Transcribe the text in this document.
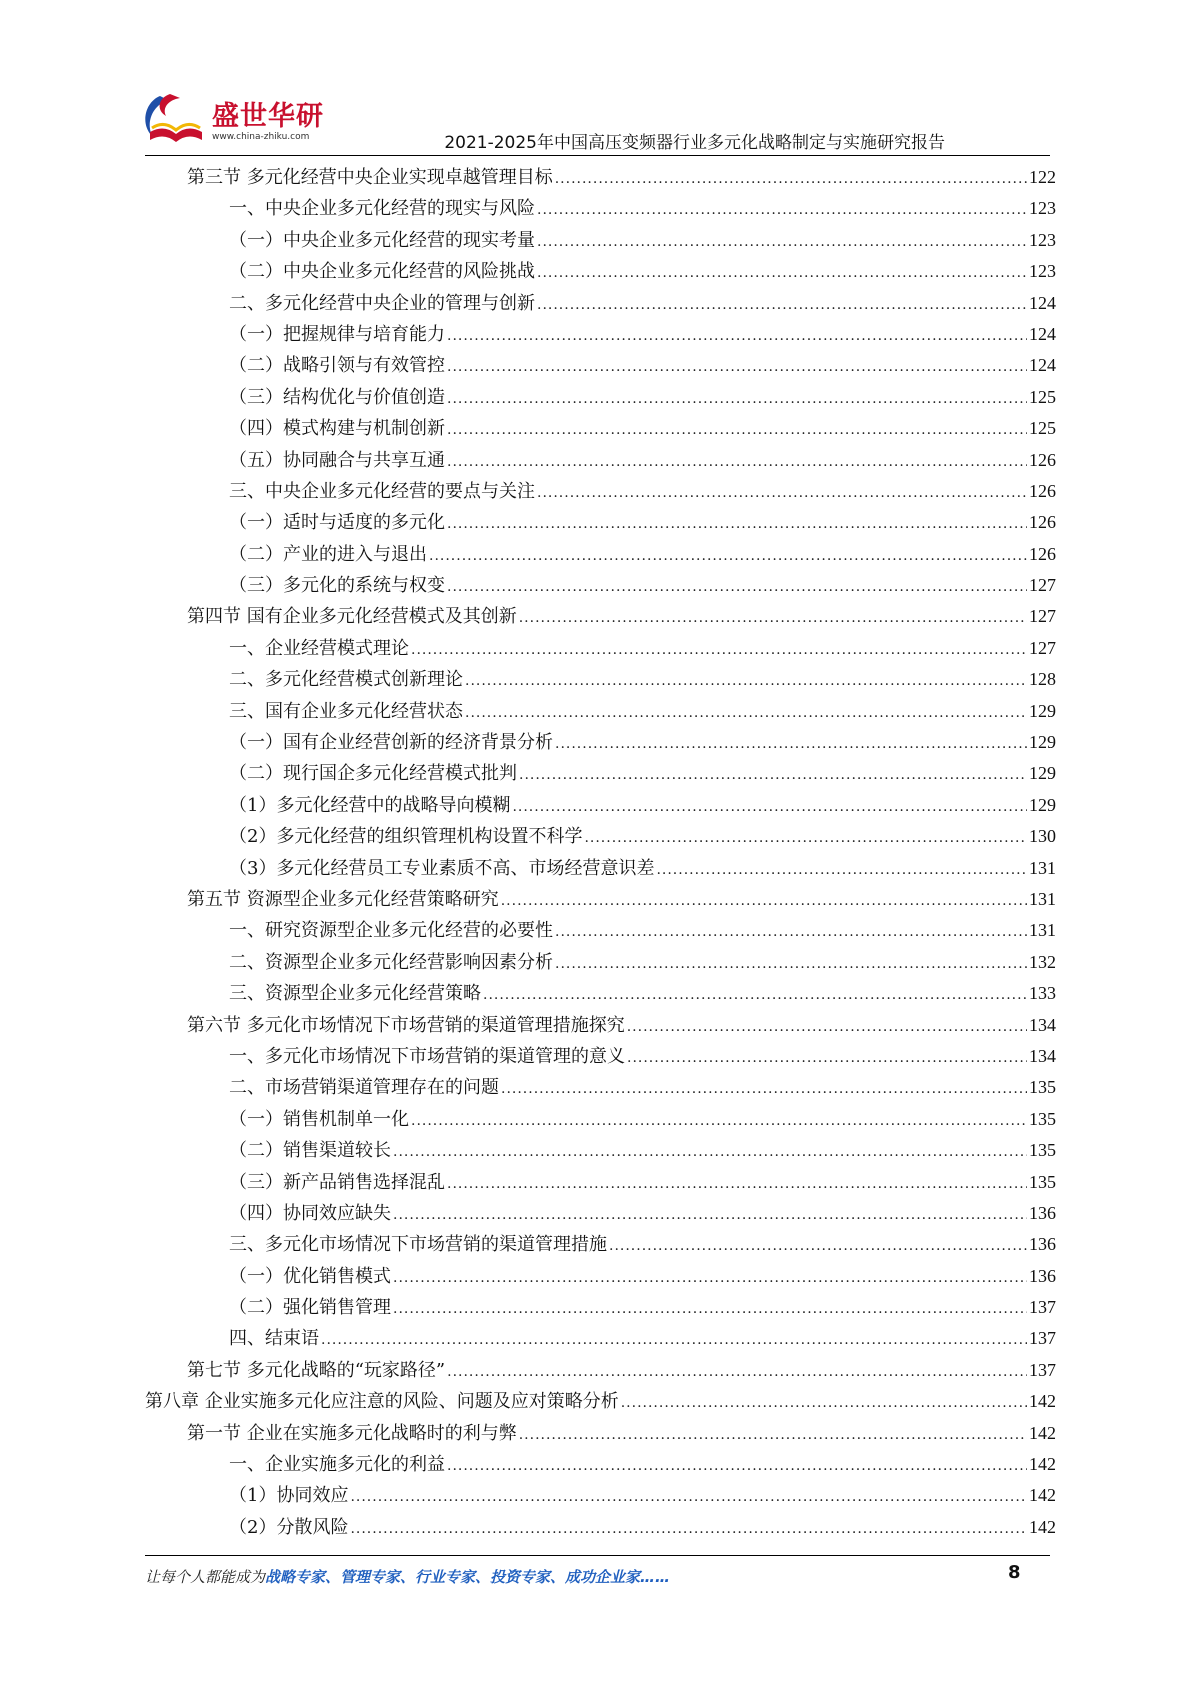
盛世华研
www.china-zhiku.com	2021-2025年中国高压变频器行业多元化战略制定与实施研究报告
第三节 多元化经营中央企业实现卓越管理目标 .....	122
一、中央企业多元化经营的现实与风险 .....	123
（一）中央企业多元化经营的现实考量 .....	123
（二）中央企业多元化经营的风险挑战 .....	123
二、多元化经营中央企业的管理与创新 .....	124
（一）把握规律与培育能力 .....	124
（二）战略引领与有效管控 .....	124
（三）结构优化与价值创造 .....	125
（四）模式构建与机制创新 .....	125
（五）协同融合与共享互通 .....	126
三、中央企业多元化经营的要点与关注 .....	126
（一）适时与适度的多元化 .....	126
（二）产业的进入与退出 .....	126
（三）多元化的系统与权变 .....	127
第四节 国有企业多元化经营模式及其创新 .....	127
一、企业经营模式理论 .....	127
二、多元化经营模式创新理论 .....	128
三、国有企业多元化经营状态 .....	129
（一）国有企业经营创新的经济背景分析 .....	129
（二）现行国企多元化经营模式批判 .....	129
（1）多元化经营中的战略导向模糊 .....	129
（2）多元化经营的组织管理机构设置不科学 .....	130
（3）多元化经营员工专业素质不高、市场经营意识差 .....	131
第五节 资源型企业多元化经营策略研究 .....	131
一、研究资源型企业多元化经营的必要性 .....	131
二、资源型企业多元化经营影响因素分析 .....	132
三、资源型企业多元化经营策略 .....	133
第六节 多元化市场情况下市场营销的渠道管理措施探究 .....	134
一、多元化市场情况下市场营销的渠道管理的意义 .....	134
二、市场营销渠道管理存在的问题 .....	135
（一）销售机制单一化 .....	135
（二）销售渠道较长 .....	135
（三）新产品销售选择混乱 .....	135
（四）协同效应缺失 .....	136
三、多元化市场情况下市场营销的渠道管理措施 .....	136
（一）优化销售模式 .....	136
（二）强化销售管理 .....	137
四、结束语 .....	137
第七节 多元化战略的“玩家路径” .....	137
第八章 企业实施多元化应注意的风险、问题及应对策略分析 .....	142
第一节 企业在实施多元化战略时的利与弊 .....	142
一、企业实施多元化的利益 .....	142
（1）协同效应 .....	142
（2）分散风险 .....	142
让每个人都能成为战略专家、管理专家、行业专家、投资专家、成功企业家……	8
